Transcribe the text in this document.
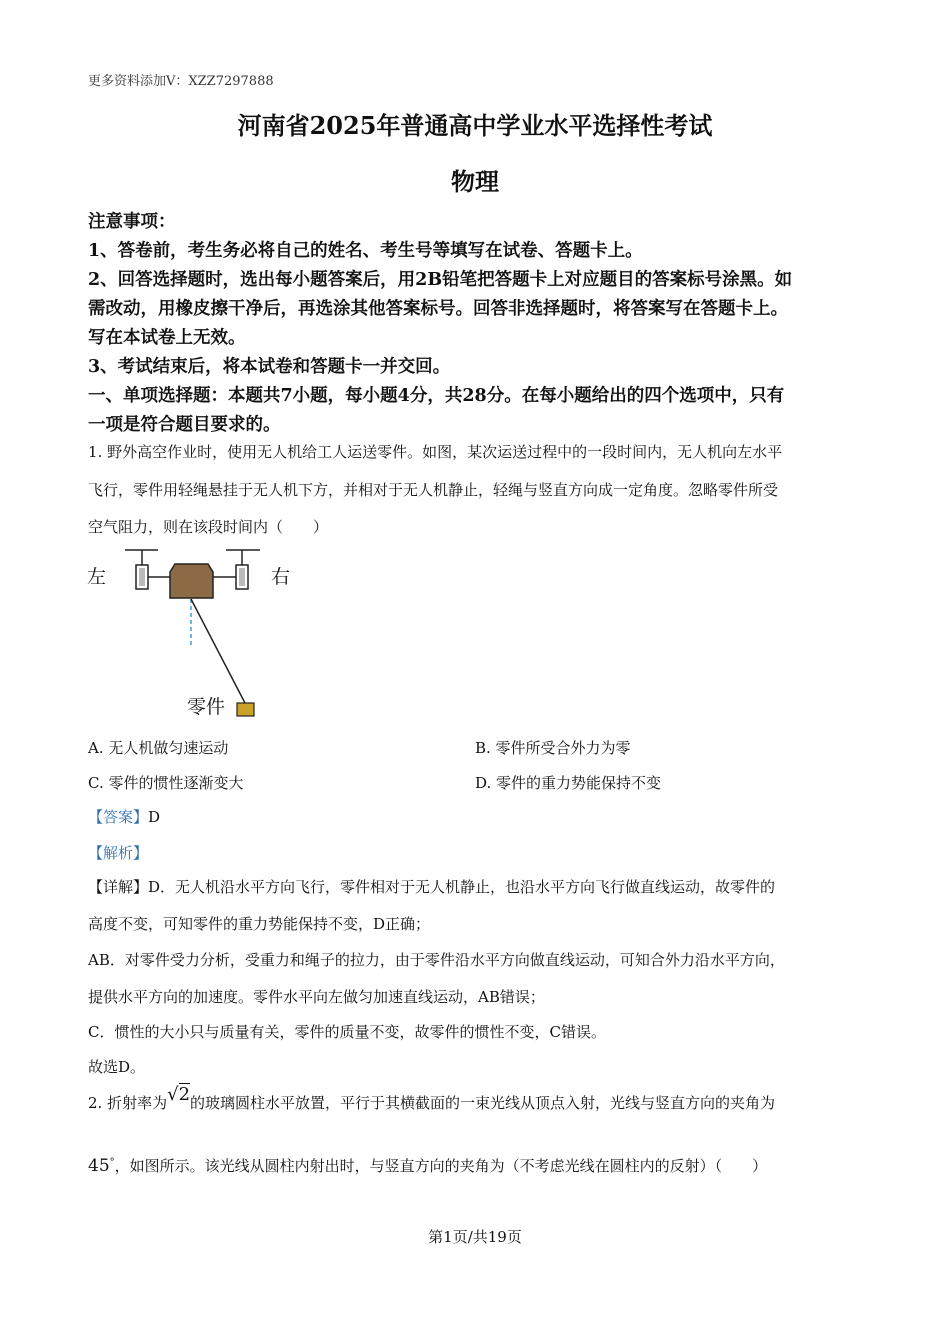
更多资料添加V：XZZ7297888
河南省2025年普通高中学业水平选择性考试
物理
注意事项：
1、答卷前，考生务必将自己的姓名、考生号等填写在试卷、答题卡上。
2、回答选择题时，选出每小题答案后，用2B铅笔把答题卡上对应题目的答案标号涂黑。如
需改动，用橡皮擦干净后，再选涂其他答案标号。回答非选择题时，将答案写在答题卡上。
写在本试卷上无效。
3、考试结束后，将本试卷和答题卡一并交回。
一、单项选择题：本题共7小题，每小题4分，共28分。在每小题给出的四个选项中，只有
一项是符合题目要求的。
1. 野外高空作业时，使用无人机给工人运送零件。如图，某次运送过程中的一段时间内，无人机向左水平
飞行，零件用轻绳悬挂于无人机下方，并相对于无人机静止，轻绳与竖直方向成一定角度。忽略零件所受
空气阻力，则在该段时间内（　　）
左	右
零件
A. 无人机做匀速运动	B. 零件所受合外力为零
C. 零件的惯性逐渐变大	D. 零件的重力势能保持不变
【答案】D
【解析】
【详解】D．无人机沿水平方向飞行，零件相对于无人机静止，也沿水平方向飞行做直线运动，故零件的
高度不变，可知零件的重力势能保持不变，D正确；
AB．对零件受力分析，受重力和绳子的拉力，由于零件沿水平方向做直线运动，可知合外力沿水平方向，
提供水平方向的加速度。零件水平向左做匀加速直线运动，AB错误；
C．惯性的大小只与质量有关，零件的质量不变，故零件的惯性不变，C错误。
故选D。
2. 折射率为√2的玻璃圆柱水平放置，平行于其横截面的一束光线从顶点入射，光线与竖直方向的夹角为
45°，如图所示。该光线从圆柱内射出时，与竖直方向的夹角为（不考虑光线在圆柱内的反射）（　　）
第1页/共19页
